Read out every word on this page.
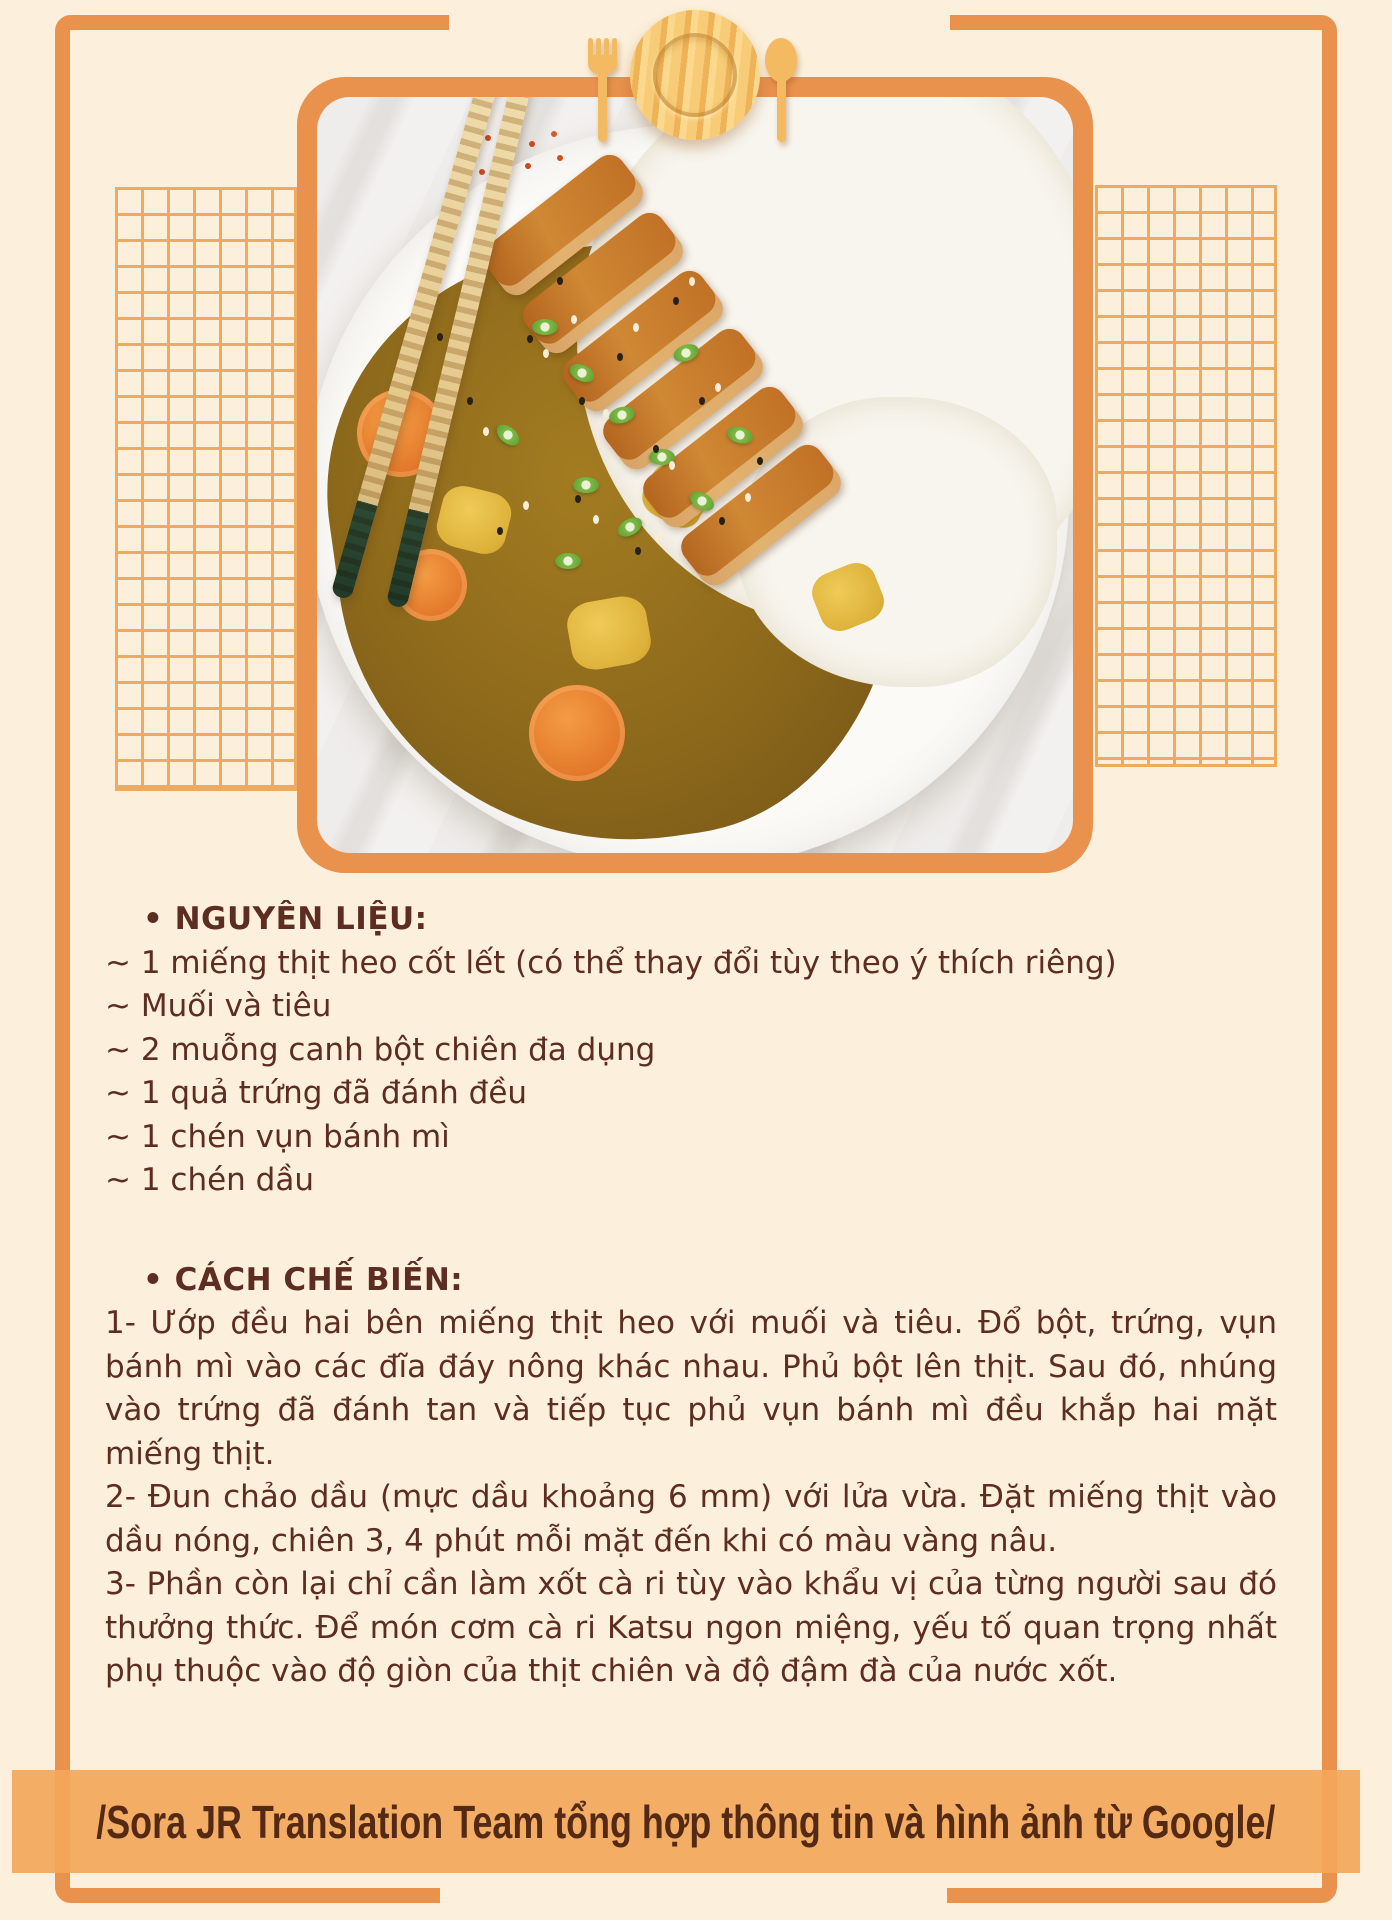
• NGUYÊN LIỆU:
~ 1 miếng thịt heo cốt lết (có thể thay đổi tùy theo ý thích riêng)
~ Muối và tiêu
~ 2 muỗng canh bột chiên đa dụng
~ 1 quả trứng đã đánh đều
~ 1 chén vụn bánh mì
~ 1 chén dầu
• CÁCH CHẾ BIẾN:

1- Ướp đều hai bên miếng thịt heo với muối và tiêu. Đổ bột, trứng, vụn bánh mì vào các đĩa đáy nông khác nhau. Phủ bột lên thịt. Sau đó, nhúng vào trứng đã đánh tan và tiếp tục phủ vụn bánh mì đều khắp hai mặt miếng thịt.

2- Đun chảo dầu (mực dầu khoảng 6 mm) với lửa vừa. Đặt miếng thịt vào dầu nóng, chiên 3, 4 phút mỗi mặt đến khi có màu vàng nâu.

3- Phần còn lại chỉ cần làm xốt cà ri tùy vào khẩu vị của từng người sau đó thưởng thức. Để món cơm cà ri Katsu ngon miệng, yếu tố quan trọng nhất phụ thuộc vào độ giòn của thịt chiên và độ đậm đà của nước xốt.

/Sora JR Translation Team tổng hợp thông tin và hình ảnh từ Google/
